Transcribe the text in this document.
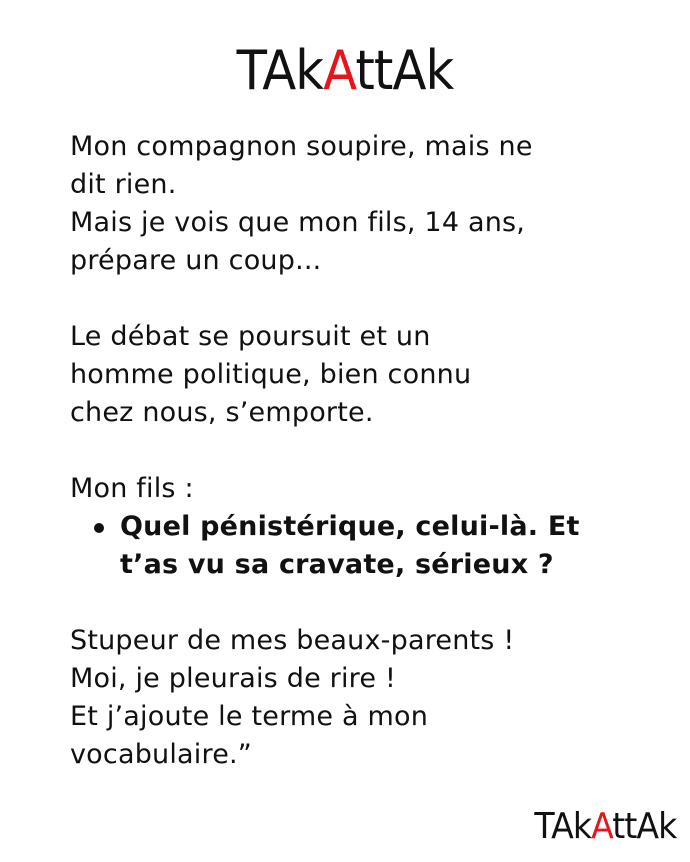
TAkAttAk

Mon compagnon soupire, mais ne
dit rien.
Mais je vois que mon fils, 14 ans,
prépare un coup...

Le débat se poursuit et un
homme politique, bien connu
chez nous, s’emporte.

Mon fils :

Quel pénistérique, celui-là. Et
t’as vu sa cravate, sérieux ?

Stupeur de mes beaux-parents !
Moi, je pleurais de rire !
Et j’ajoute le terme à mon
vocabulaire.”

TAkAttAk
